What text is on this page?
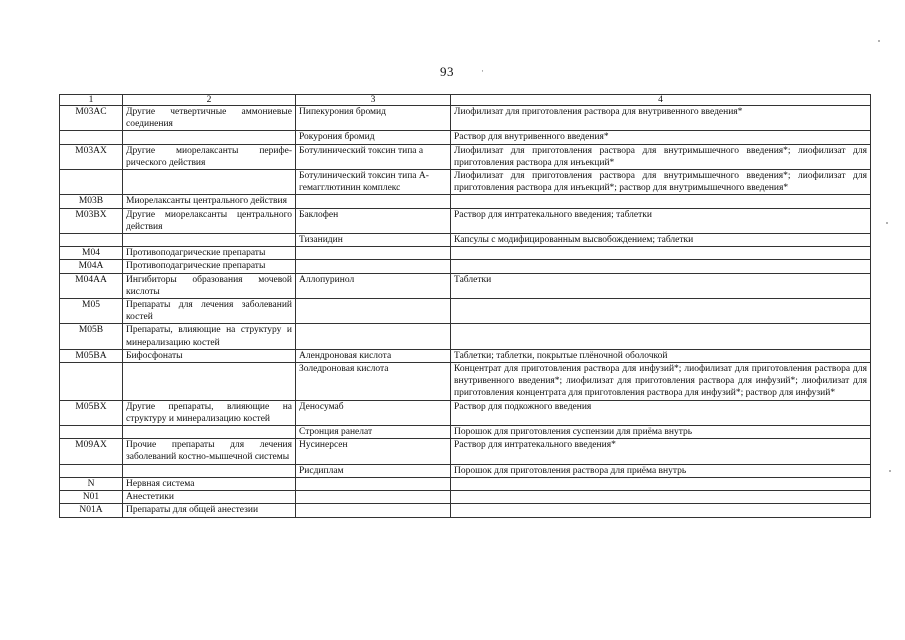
93	·
1	2	3	4
M03AC	Другие четвертичные аммониевые соединения	Пипекурония бромид	Лиофилизат для приготовления раствора для внутривенного введения*
		Рокурония бромид	Раствор для внутривенного введения*
M03AX	Другие миорелаксанты периферического действия	Ботулинический токсин типа а	Лиофилизат для приготовления раствора для внутримышечного введения*; лиофилизат для приготовления раствора для инъекций*
		Ботулинический токсин типа А-гемагглютинин комплекс	Лиофилизат для приготовления раствора для внутримышечного введения*; лиофилизат для приготовления раствора для инъекций*; раствор для внутримышечного введения*
M03B	Миорелаксанты центрального действия		
M03BX	Другие миорелаксанты центрального действия	Баклофен	Раствор для интратекального введения; таблетки
		Тизанидин	Капсулы с модифицированным высвобождением; таблетки
M04	Противоподагрические препараты		
M04A	Противоподагрические препараты		
M04AA	Ингибиторы образования мочевой кислоты	Аллопуринол	Таблетки
M05	Препараты для лечения заболеваний костей		
M05B	Препараты, влияющие на структуру и минерализацию костей		
M05BA	Бифосфонаты	Алендроновая кислота	Таблетки; таблетки, покрытые плёночной оболочкой
		Золедроновая кислота	Концентрат для приготовления раствора для инфузий*; лиофилизат для приготовления раствора для внутривенного введения*; лиофилизат для приготовления раствора для инфузий*; лиофилизат для приготовления концентрата для приготовления раствора для инфузий*; раствор для инфузий*
M05BX	Другие препараты, влияющие на структуру и минерализацию костей	Деносумаб	Раствор для подкожного введения
		Стронция ранелат	Порошок для приготовления суспензии для приёма внутрь
M09AX	Прочие препараты для лечения заболеваний костно-мышечной системы	Нусинерсен	Раствор для интратекального введения*
		Рисдиплам	Порошок для приготовления раствора для приёма внутрь
N	Нервная система		
N01	Анестетики		
N01A	Препараты для общей анестезии		
